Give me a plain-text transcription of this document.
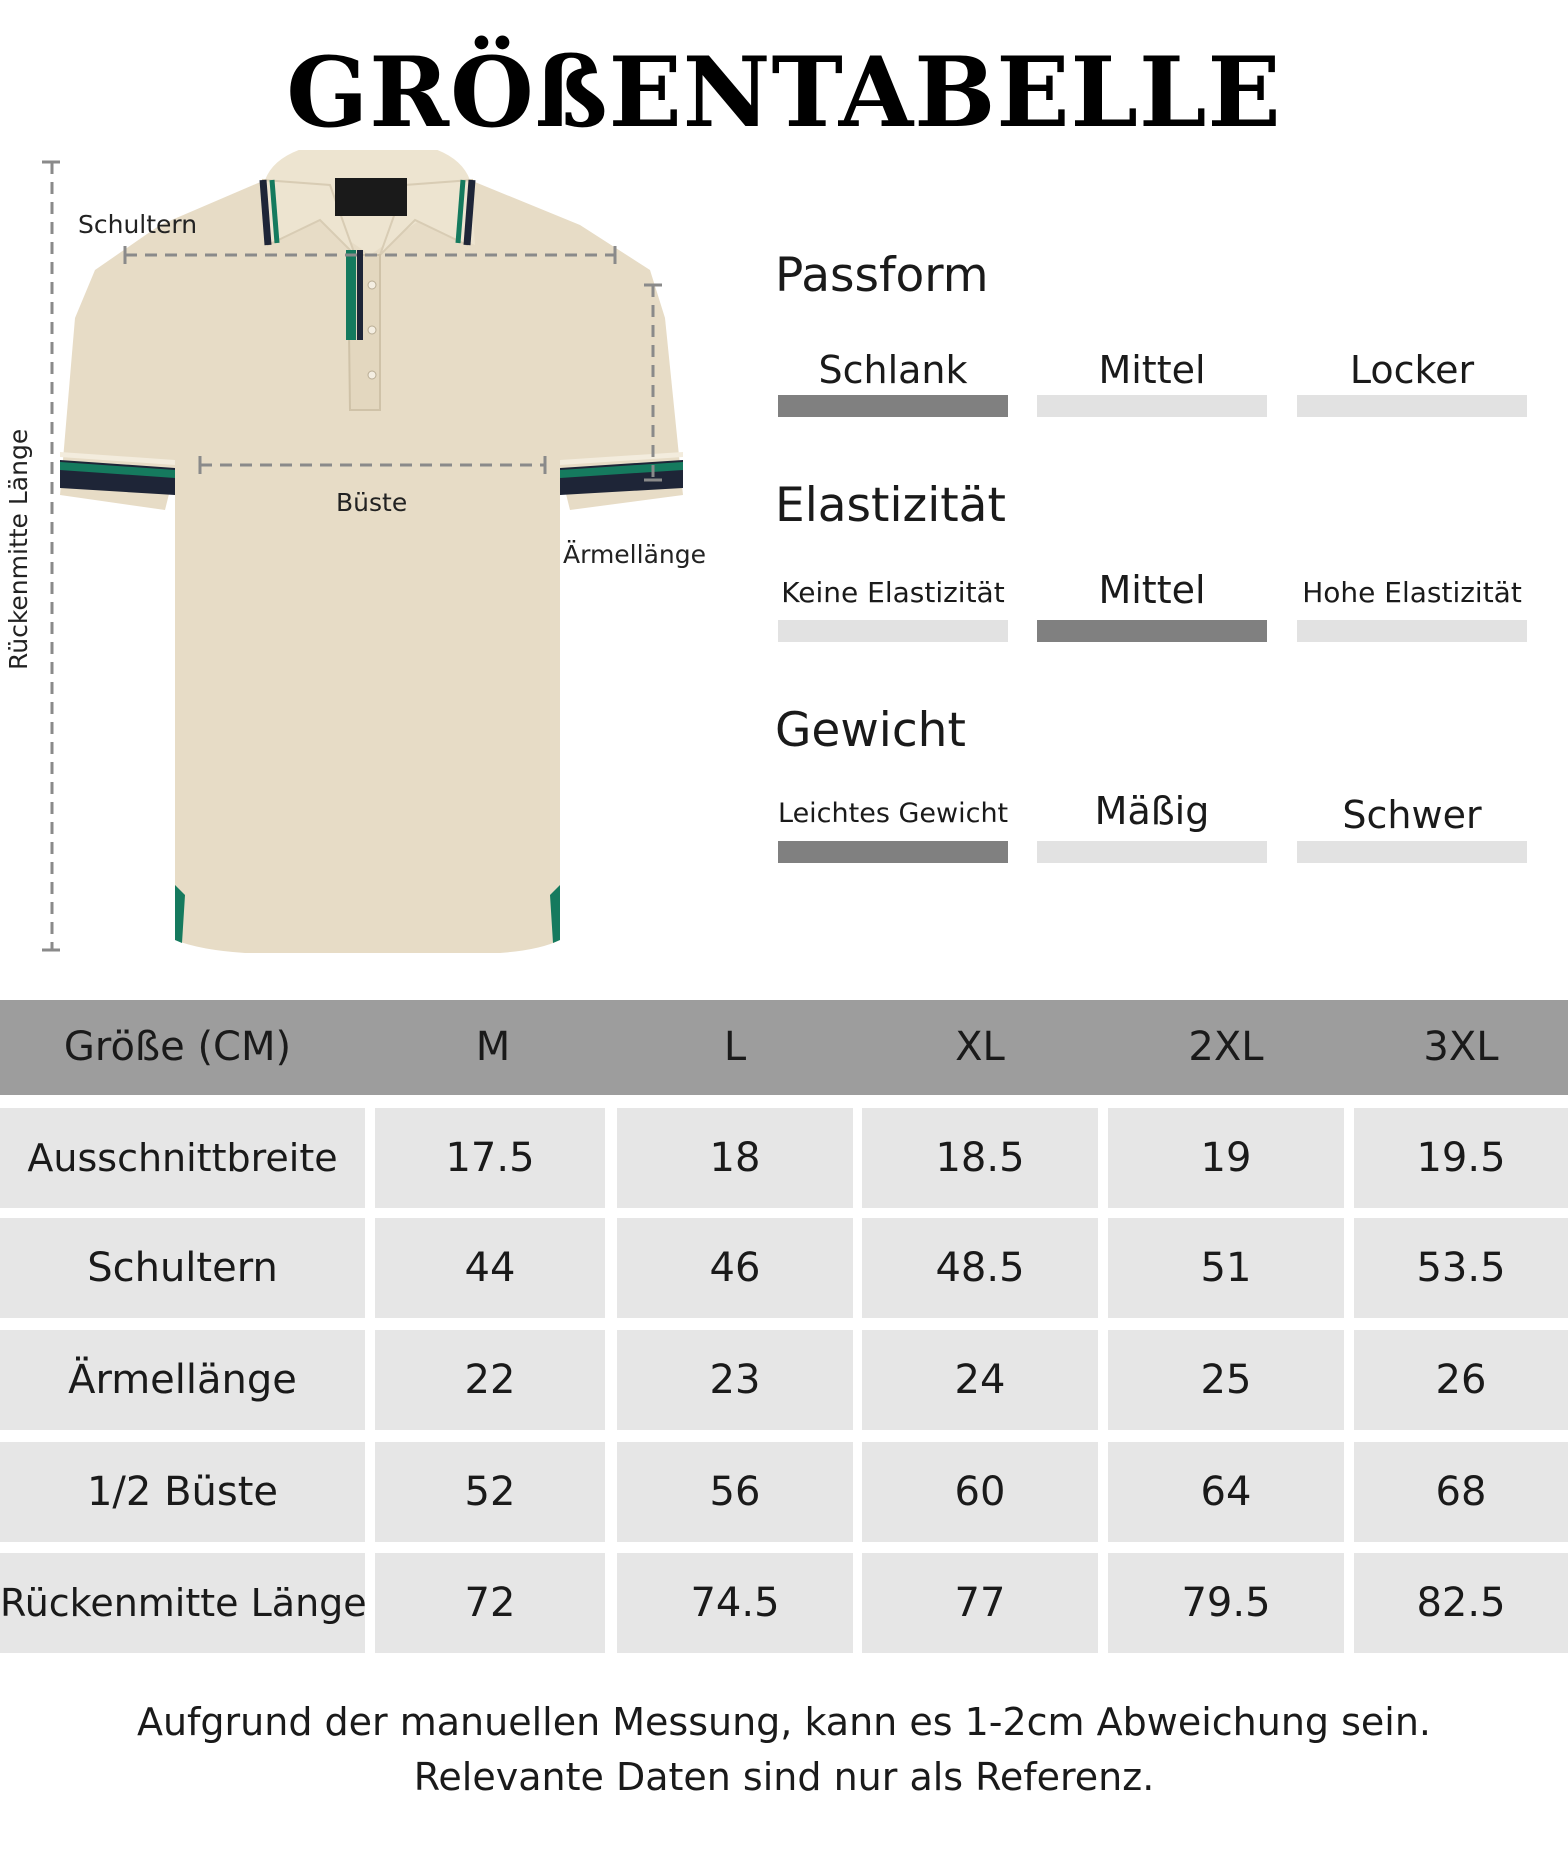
GRÖßENTABELLE
Schultern
Büste
Ärmellänge
Rückenmitte Länge
Passform
Schlank	Mittel	Locker
Elastizität
Keine Elastizität	Mittel	Hohe Elastizität
Gewicht
Leichtes Gewicht	Mäßig	Schwer
Größe (CM)	M	L	XL	2XL	3XL
Ausschnittbreite	17.5	18	18.5	19	19.5
Schultern	44	46	48.5	51	53.5
Ärmellänge	22	23	24	25	26
1/2 Büste	52	56	60	64	68
Rückenmitte Länge	72	74.5	77	79.5	82.5
Aufgrund der manuellen Messung, kann es 1-2cm Abweichung sein.
Relevante Daten sind nur als Referenz.
